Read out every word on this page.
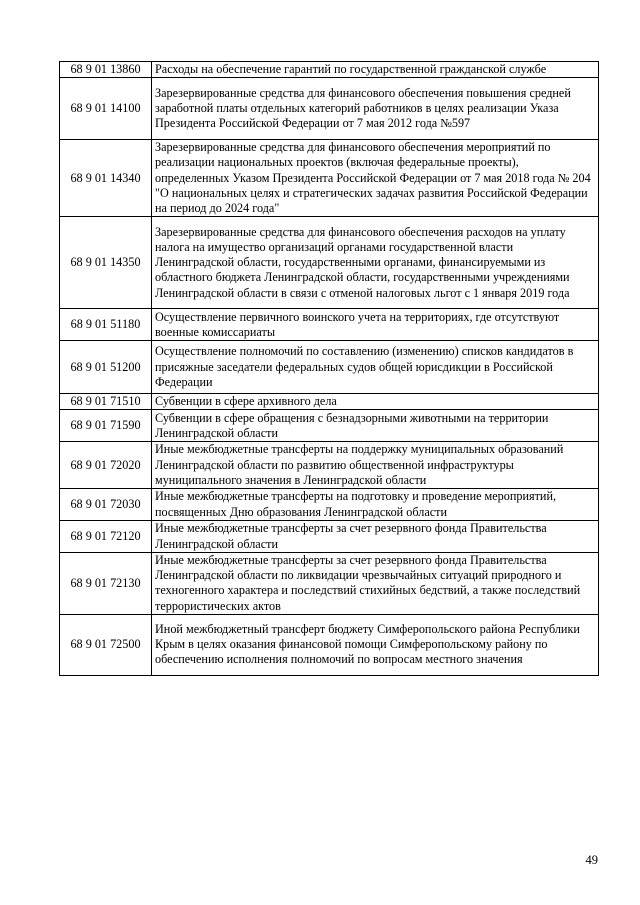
68 9 01 13860	Расходы на обеспечение гарантий по государственной гражданской службе
68 9 01 14100	Зарезервированные средства для финансового обеспечения повышения средней заработной платы отдельных категорий работников в целях реализации Указа Президента Российской Федерации от 7 мая 2012 года №597
68 9 01 14340	Зарезервированные средства для финансового обеспечения мероприятий по реализации национальных проектов (включая федеральные проекты), определенных Указом Президента Российской Федерации от 7 мая 2018 года № 204 "О национальных целях и стратегических задачах развития Российской Федерации на период до 2024 года"
68 9 01 14350	Зарезервированные средства для финансового обеспечения расходов на уплату налога на имущество организаций органами государственной власти Ленинградской области, государственными органами, финансируемыми из областного бюджета Ленинградской области, государственными учреждениями Ленинградской области в связи с отменой налоговых льгот с 1 января 2019 года
68 9 01 51180	Осуществление первичного воинского учета на территориях, где отсутствуют военные комиссариаты
68 9 01 51200	Осуществление полномочий по составлению (изменению) списков кандидатов в присяжные заседатели федеральных судов общей юрисдикции в Российской Федерации
68 9 01 71510	Субвенции в сфере архивного дела
68 9 01 71590	Субвенции в сфере обращения с безнадзорными животными на территории Ленинградской области
68 9 01 72020	Иные межбюджетные трансферты на поддержку муниципальных образований Ленинградской области по развитию общественной инфраструктуры муниципального значения в Ленинградской области
68 9 01 72030	Иные межбюджетные трансферты на подготовку и проведение мероприятий, посвященных Дню образования Ленинградской области
68 9 01 72120	Иные межбюджетные трансферты за счет резервного фонда Правительства Ленинградской области
68 9 01 72130	Иные межбюджетные трансферты за счет резервного фонда Правительства Ленинградской области по ликвидации чрезвычайных ситуаций природного и техногенного характера и последствий стихийных бедствий, а также последствий террористических актов
68 9 01 72500	Иной межбюджетный трансферт бюджету Симферопольского района Республики Крым в целях оказания финансовой помощи Симферопольскому району по обеспечению исполнения полномочий по вопросам местного значения
49
